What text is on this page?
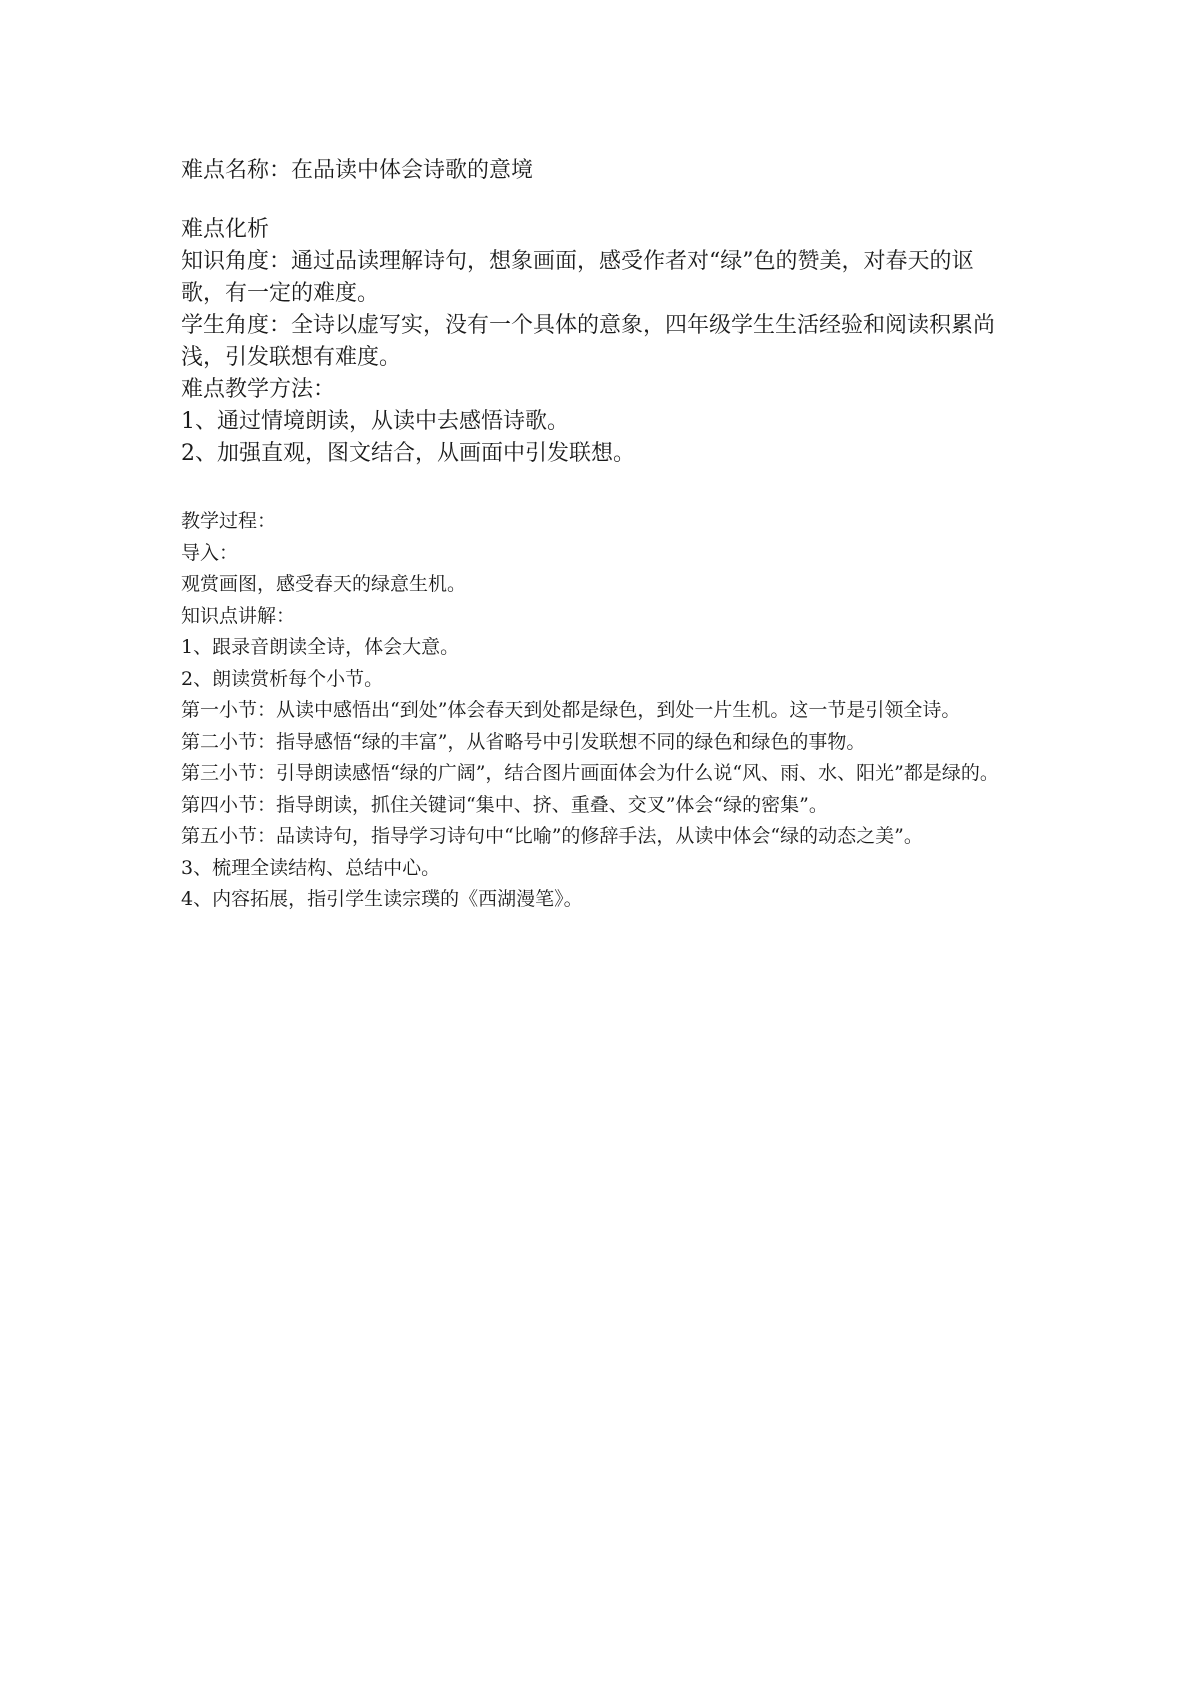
难点名称：在品读中体会诗歌的意境

难点化析

知识角度：通过品读理解诗句，想象画面，感受作者对“绿”色的赞美，对春天的讴歌，有一定的难度。

学生角度：全诗以虚写实，没有一个具体的意象，四年级学生生活经验和阅读积累尚浅，引发联想有难度。

难点教学方法：

1、通过情境朗读，从读中去感悟诗歌。

2、加强直观，图文结合，从画面中引发联想。

教学过程：

导入：

观赏画图，感受春天的绿意生机。

知识点讲解：

1、跟录音朗读全诗，体会大意。

2、朗读赏析每个小节。

第一小节：从读中感悟出“到处”体会春天到处都是绿色，到处一片生机。这一节是引领全诗。

第二小节：指导感悟“绿的丰富”，从省略号中引发联想不同的绿色和绿色的事物。

第三小节：引导朗读感悟“绿的广阔”，结合图片画面体会为什么说“风、雨、水、阳光”都是绿的。

第四小节：指导朗读，抓住关键词“集中、挤、重叠、交叉”体会“绿的密集”。

第五小节：品读诗句，指导学习诗句中“比喻”的修辞手法，从读中体会“绿的动态之美”。

3、梳理全读结构、总结中心。

4、内容拓展，指引学生读宗璞的《西湖漫笔》。
